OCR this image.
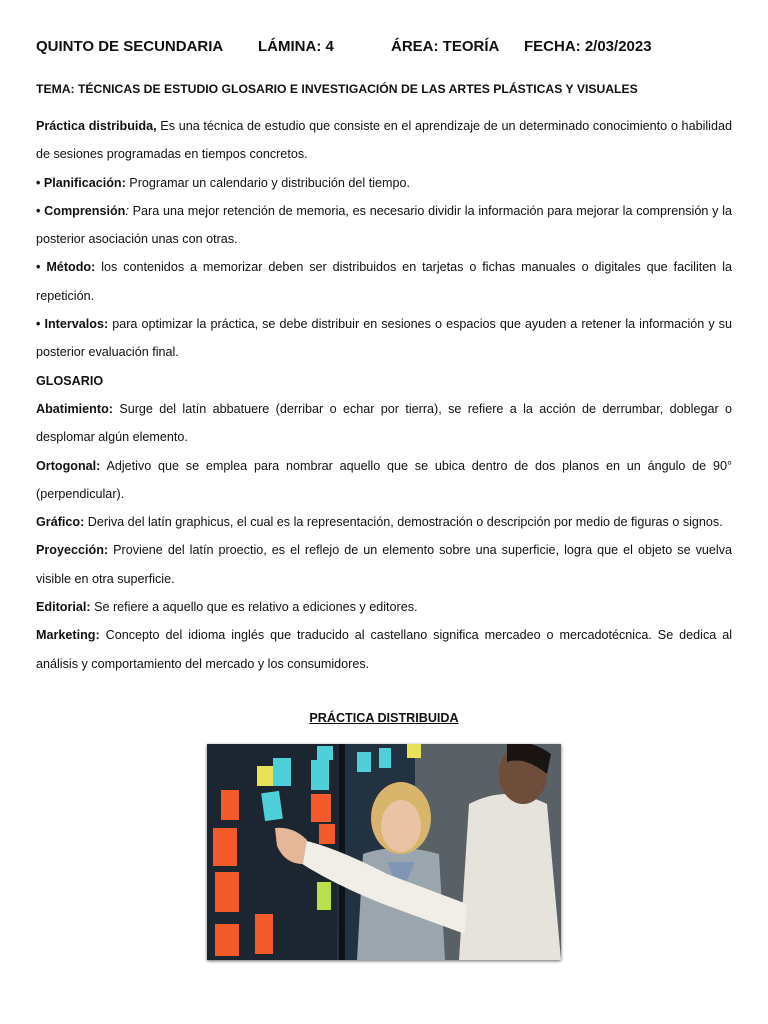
QUINTO DE SECUNDARIA LÁMINA: 4	ÁREA: TEORÍA FECHA: 2/03/2023
TEMA: TÉCNICAS DE ESTUDIO GLOSARIO E INVESTIGACIÓN DE LAS ARTES PLÁSTICAS Y VISUALES

Práctica distribuida, Es una técnica de estudio que consiste en el aprendizaje de un determinado conocimiento o habilidad de sesiones programadas en tiempos concretos.

• Planificación: Programar un calendario y distribución del tiempo.

• Comprensión: Para una mejor retención de memoria, es necesario dividir la información para mejorar la comprensión y la posterior asociación unas con otras.

• Método: los contenidos a memorizar deben ser distribuidos en tarjetas o fichas manuales o digitales que faciliten la repetición.

• Intervalos: para optimizar la práctica, se debe distribuir en sesiones o espacios que ayuden a retener la información y su posterior evaluación final.

GLOSARIO

Abatimiento: Surge del latín abbatuere (derribar o echar por tierra), se refiere a la acción de derrumbar, doblegar o desplomar algún elemento.

Ortogonal: Adjetivo que se emplea para nombrar aquello que se ubica dentro de dos planos en un ángulo de 90° (perpendicular).

Gráfico: Deriva del latín graphicus, el cual es la representación, demostración o descripción por medio de figuras o signos.

Proyección: Proviene del latín proectio, es el reflejo de un elemento sobre una superficie, logra que el objeto se vuelva visible en otra superficie.

Editorial: Se refiere a aquello que es relativo a ediciones y editores.

Marketing: Concepto del idioma inglés que traducido al castellano significa mercadeo o mercadotécnica. Se dedica al análisis y comportamiento del mercado y los consumidores.

PRÁCTICA DISTRIBUIDA
